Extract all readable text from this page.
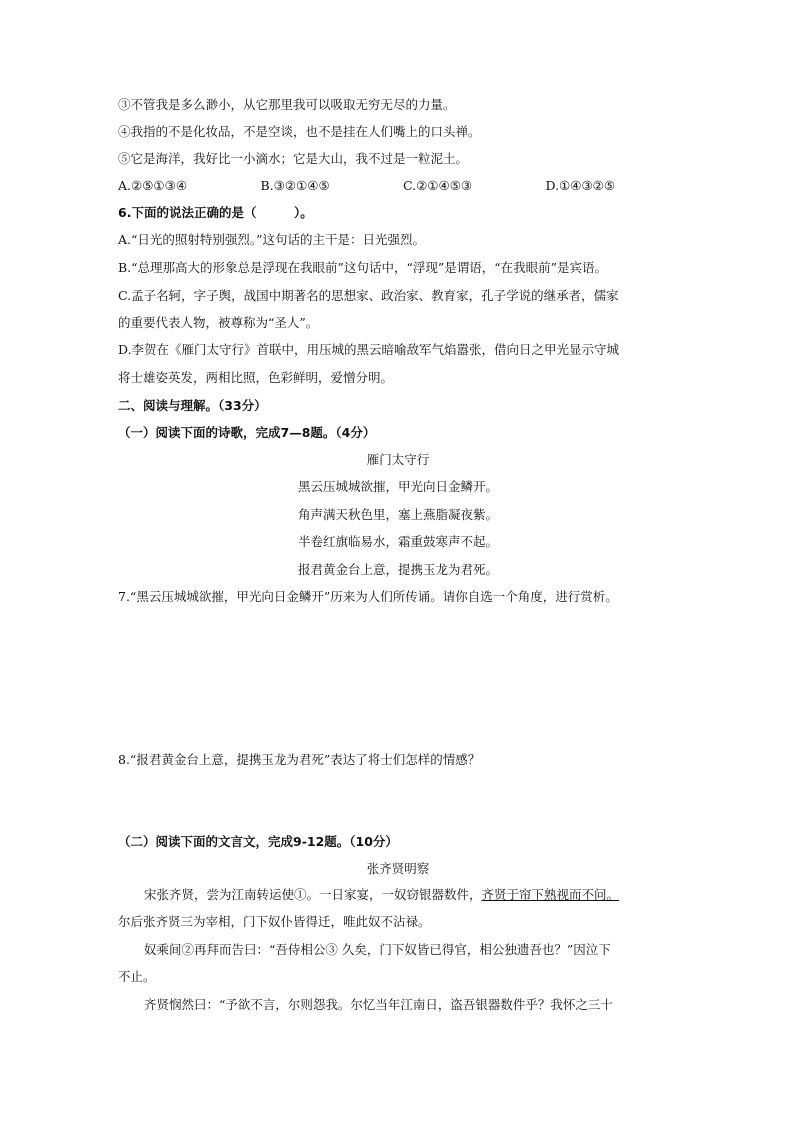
③不管我是多么渺小，从它那里我可以吸取无穷无尽的力量。
④我指的不是化妆品，不是空谈，也不是挂在人们嘴上的口头禅。
⑤它是海洋，我好比一小滴水；它是大山，我不过是一粒泥土。
A.②⑤①③④	B.③②①④⑤	C.②①④⑤③	D.①④③②⑤
6.下面的说法正确的是（　　　）。
A.“日光的照射特别强烈。”这句话的主干是：日光强烈。
B.“总理那高大的形象总是浮现在我眼前”这句话中，“浮现”是谓语，“在我眼前”是宾语。
C.孟子名轲，字子舆，战国中期著名的思想家、政治家、教育家，孔子学说的继承者，儒家
的重要代表人物，被尊称为“圣人”。
D.李贺在《雁门太守行》首联中，用压城的黑云暗喻敌军气焰嚣张，借向日之甲光显示守城
将士雄姿英发，两相比照，色彩鲜明，爱憎分明。
二、阅读与理解。（33分）
（一）阅读下面的诗歌，完成7—8题。（4分）
雁门太守行
黑云压城城欲摧，甲光向日金鳞开。
角声满天秋色里，塞上燕脂凝夜紫。
半卷红旗临易水，霜重鼓寒声不起。
报君黄金台上意，提携玉龙为君死。
7.“黑云压城城欲摧，甲光向日金鳞开”历来为人们所传诵。请你自选一个角度，进行赏析。
8.“报君黄金台上意，提携玉龙为君死”表达了将士们怎样的情感？
（二）阅读下面的文言文，完成9-12题。（10分）
张齐贤明察
宋张齐贤，尝为江南转运使①。一日家宴，一奴窃银器数件，齐贤于帘下熟视而不问。
尔后张齐贤三为宰相，门下奴仆皆得迁，唯此奴不沾禄。
奴乘间②再拜而告曰：“吾侍相公③ 久矣，门下奴皆已得官，相公独遗吾也？”因泣下
不止。
齐贤悯然曰：“予欲不言，尔则怨我。尔忆当年江南日，盗吾银器数件乎？我怀之三十
